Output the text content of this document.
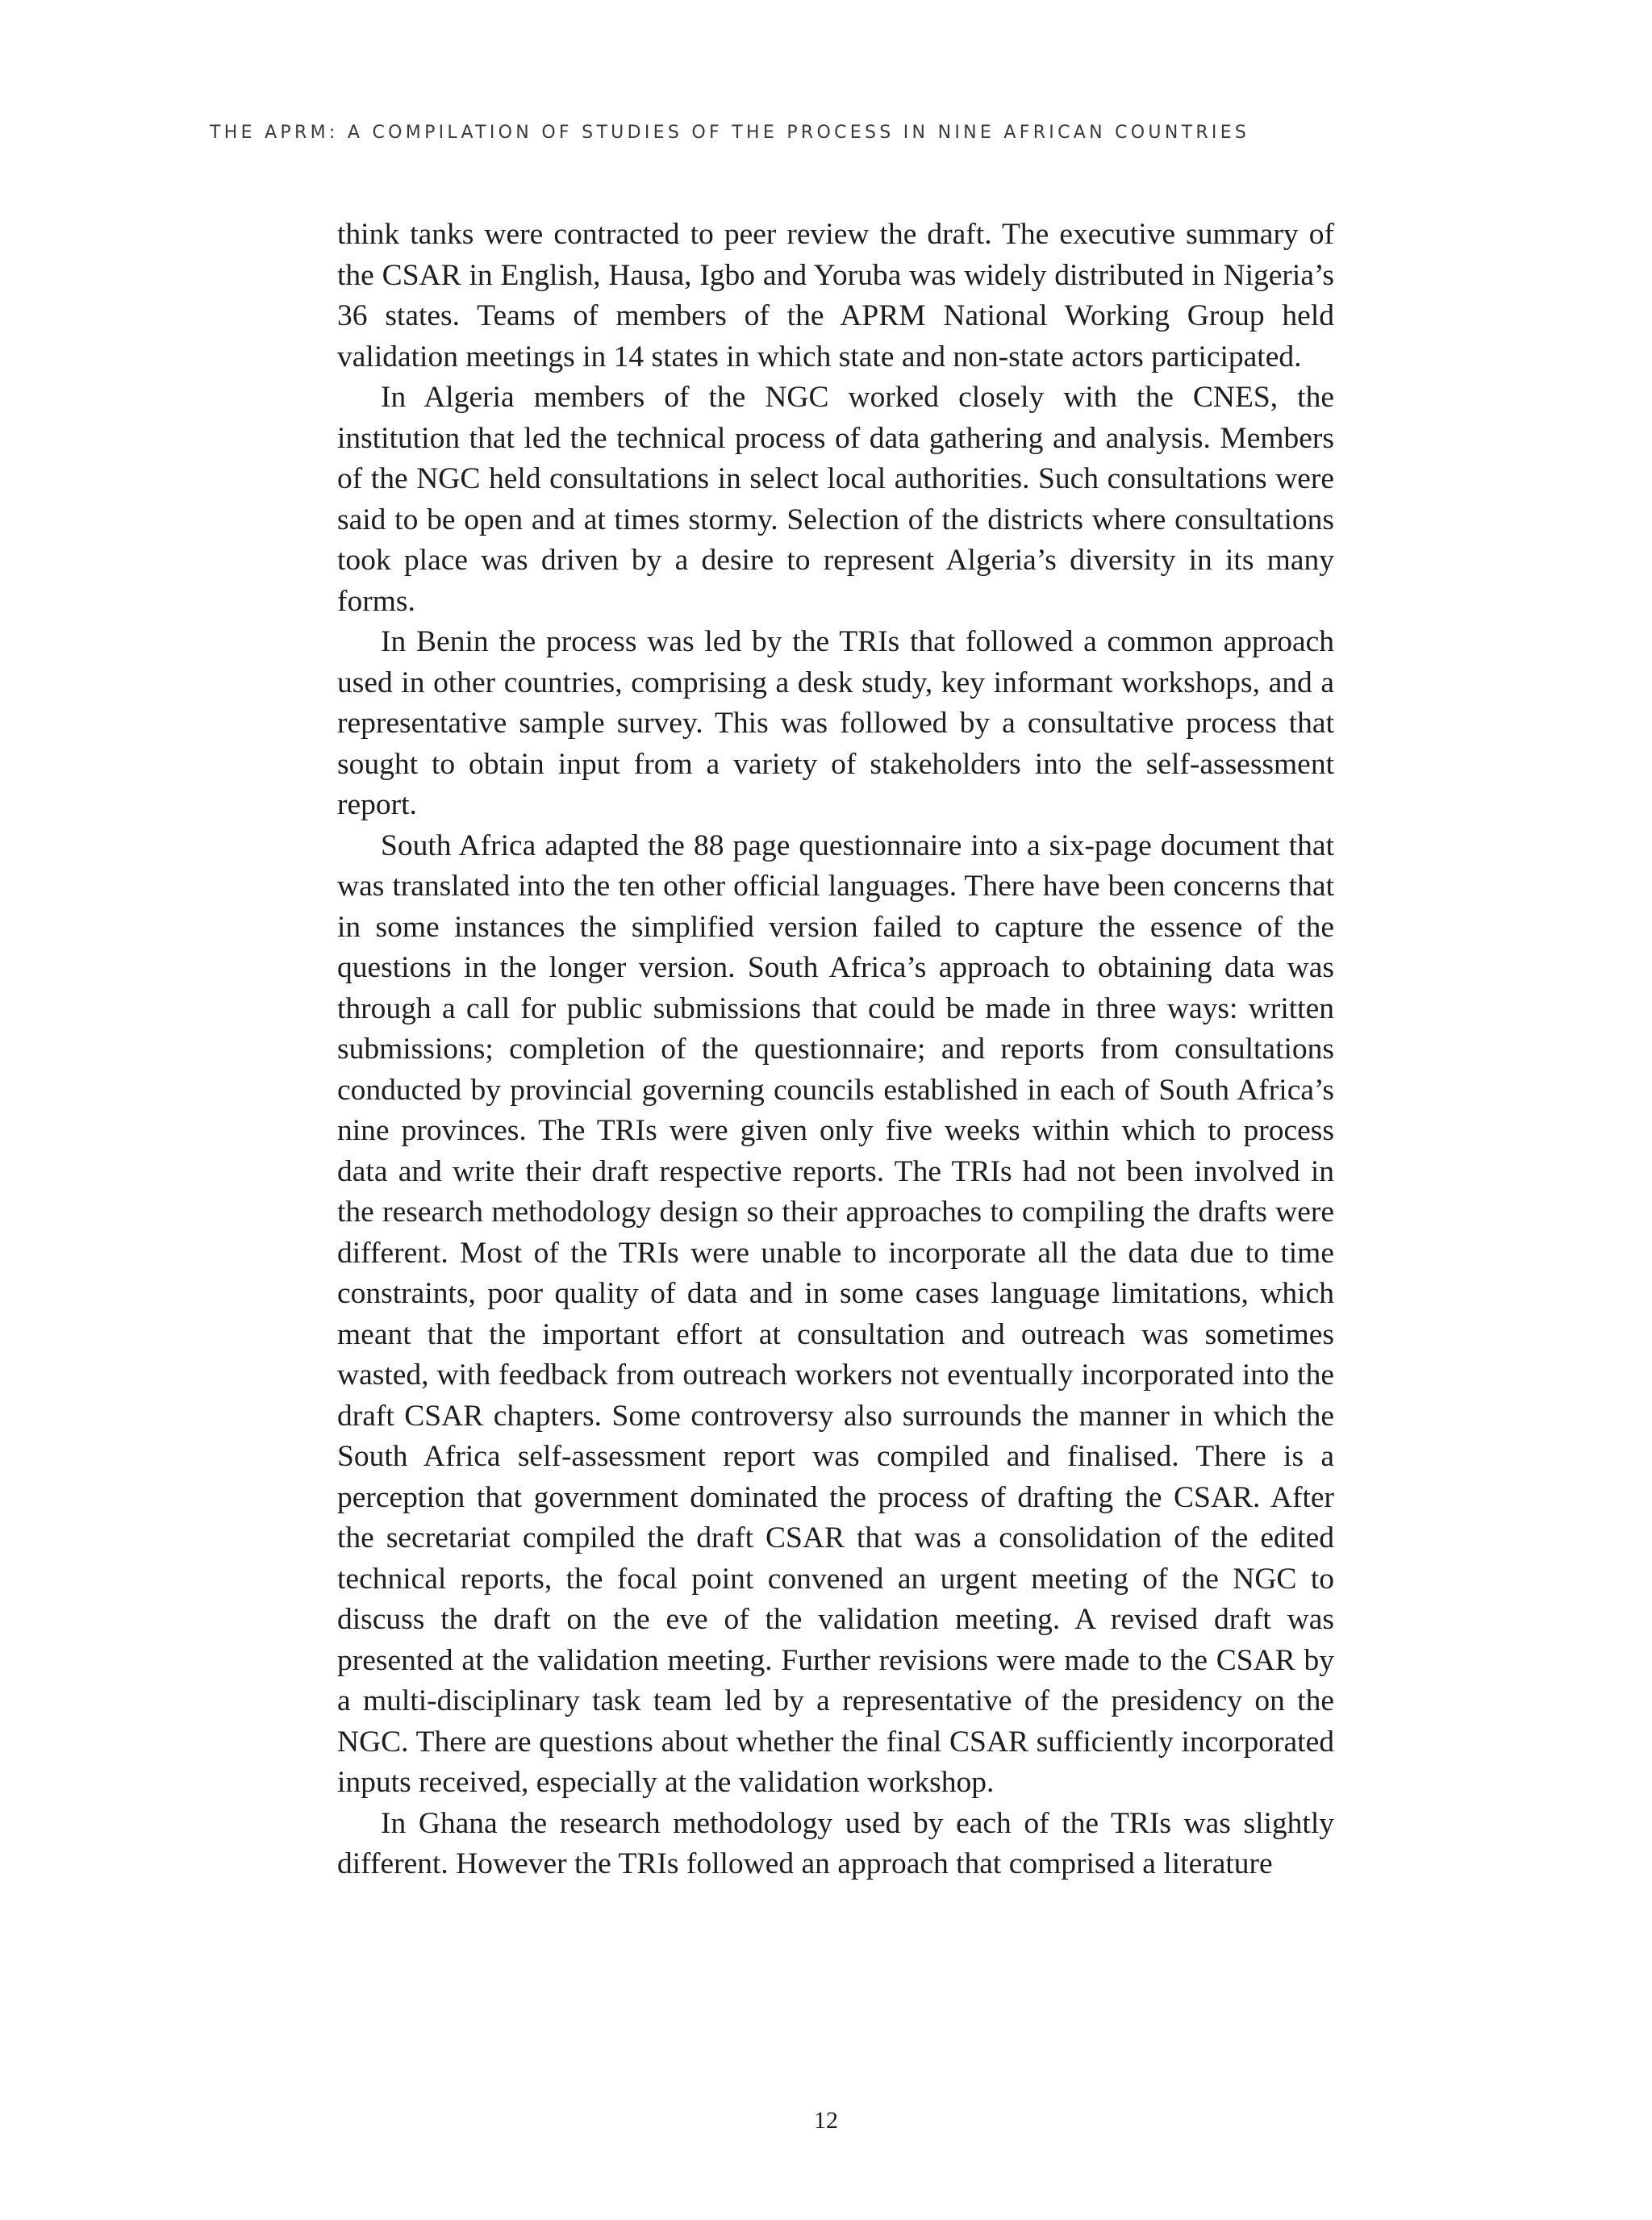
THE APRM: A COMPILATION OF STUDIES OF THE PROCESS IN NINE AFRICAN COUNTRIES

think tanks were contracted to peer review the draft. The executive summary of the CSAR in English, Hausa, Igbo and Yoruba was widely distributed in Nigeria’s 36 states. Teams of members of the APRM National Working Group held validation meetings in 14 states in which state and non-state actors participated.

In Algeria members of the NGC worked closely with the CNES, the institution that led the technical process of data gathering and analysis. Members of the NGC held consultations in select local authorities. Such consultations were said to be open and at times stormy. Selection of the districts where consultations took place was driven by a desire to represent Algeria’s diversity in its many forms.

In Benin the process was led by the TRIs that followed a common approach used in other countries, comprising a desk study, key informant workshops, and a representative sample survey. This was followed by a consultative process that sought to obtain input from a variety of stakeholders into the self-assessment report.

South Africa adapted the 88 page questionnaire into a six-page document that was translated into the ten other official languages. There have been concerns that in some instances the simplified version failed to capture the essence of the questions in the longer version. South Africa’s approach to obtaining data was through a call for public submissions that could be made in three ways: written submissions; completion of the questionnaire; and reports from consultations conducted by provincial governing councils established in each of South Africa’s nine provinces. The TRIs were given only five weeks within which to process data and write their draft respective reports. The TRIs had not been involved in the research methodology design so their approaches to compiling the drafts were different. Most of the TRIs were unable to incorporate all the data due to time constraints, poor quality of data and in some cases language limitations, which meant that the important effort at consultation and outreach was sometimes wasted, with feedback from outreach workers not eventually incorporated into the draft CSAR chapters. Some controversy also surrounds the manner in which the South Africa self-assessment report was compiled and finalised. There is a perception that government dominated the process of drafting the CSAR. After the secretariat compiled the draft CSAR that was a consolidation of the edited technical reports, the focal point convened an urgent meeting of the NGC to discuss the draft on the eve of the validation meeting. A revised draft was presented at the validation meeting. Further revisions were made to the CSAR by a multi-disciplinary task team led by a representative of the presidency on the NGC. There are questions about whether the final CSAR sufficiently incorporated inputs received, especially at the validation workshop.

In Ghana the research methodology used by each of the TRIs was slightly different. However the TRIs followed an approach that comprised a literature

12
